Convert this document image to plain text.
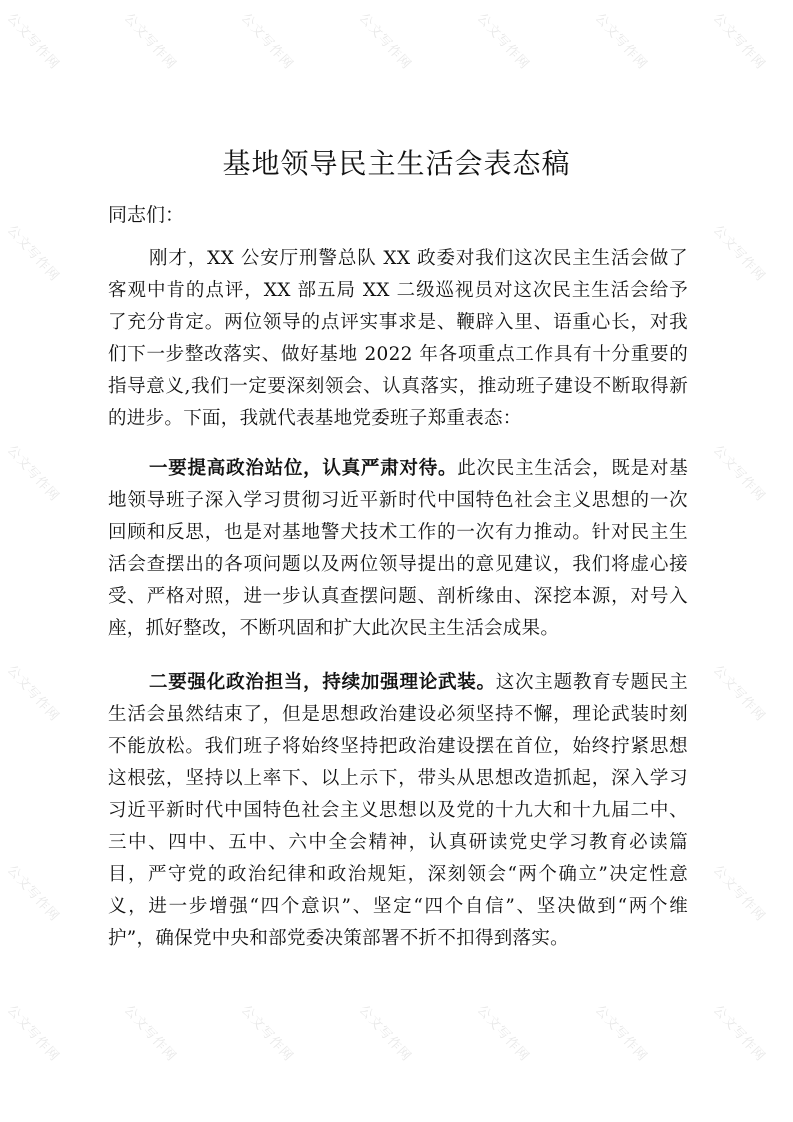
公文写作网	公文写作网	公文写作网	公文写作网	公文写作网	公文写作网	公文写作网
公文写作网	公文写作网
公文写作网	公文写作网
公文写作网	公文写作网
公文写作网	公文写作网
公文写作网	公文写作网	公文写作网	公文写作网	公文写作网	公文写作网	公文写作网
基地领导民主生活会表态稿

同志们：

刚才，XX 公安厅刑警总队 XX 政委对我们这次民主生活会做了客观中肯的点评，XX 部五局 XX 二级巡视员对这次民主生活会给予了充分肯定。两位领导的点评实事求是、鞭辟入里、语重心长，对我们下一步整改落实、做好基地 2022 年各项重点工作具有十分重要的指导意义,我们一定要深刻领会、认真落实，推动班子建设不断取得新的进步。下面，我就代表基地党委班子郑重表态：

一要提高政治站位，认真严肃对待。此次民主生活会，既是对基地领导班子深入学习贯彻习近平新时代中国特色社会主义思想的一次回顾和反思，也是对基地警犬技术工作的一次有力推动。针对民主生活会查摆出的各项问题以及两位领导提出的意见建议，我们将虚心接受、严格对照，进一步认真查摆问题、剖析缘由、深挖本源，对号入座，抓好整改，不断巩固和扩大此次民主生活会成果。

二要强化政治担当，持续加强理论武装。这次主题教育专题民主生活会虽然结束了，但是思想政治建设必须坚持不懈，理论武装时刻不能放松。我们班子将始终坚持把政治建设摆在首位，始终拧紧思想这根弦，坚持以上率下、以上示下，带头从思想改造抓起，深入学习习近平新时代中国特色社会主义思想以及党的十九大和十九届二中、三中、四中、五中、六中全会精神，认真研读党史学习教育必读篇目，严守党的政治纪律和政治规矩，深刻领会“两个确立”决定性意义，进一步增强“四个意识”、坚定“四个自信”、坚决做到“两个维护”，确保党中央和部党委决策部署不折不扣得到落实。
